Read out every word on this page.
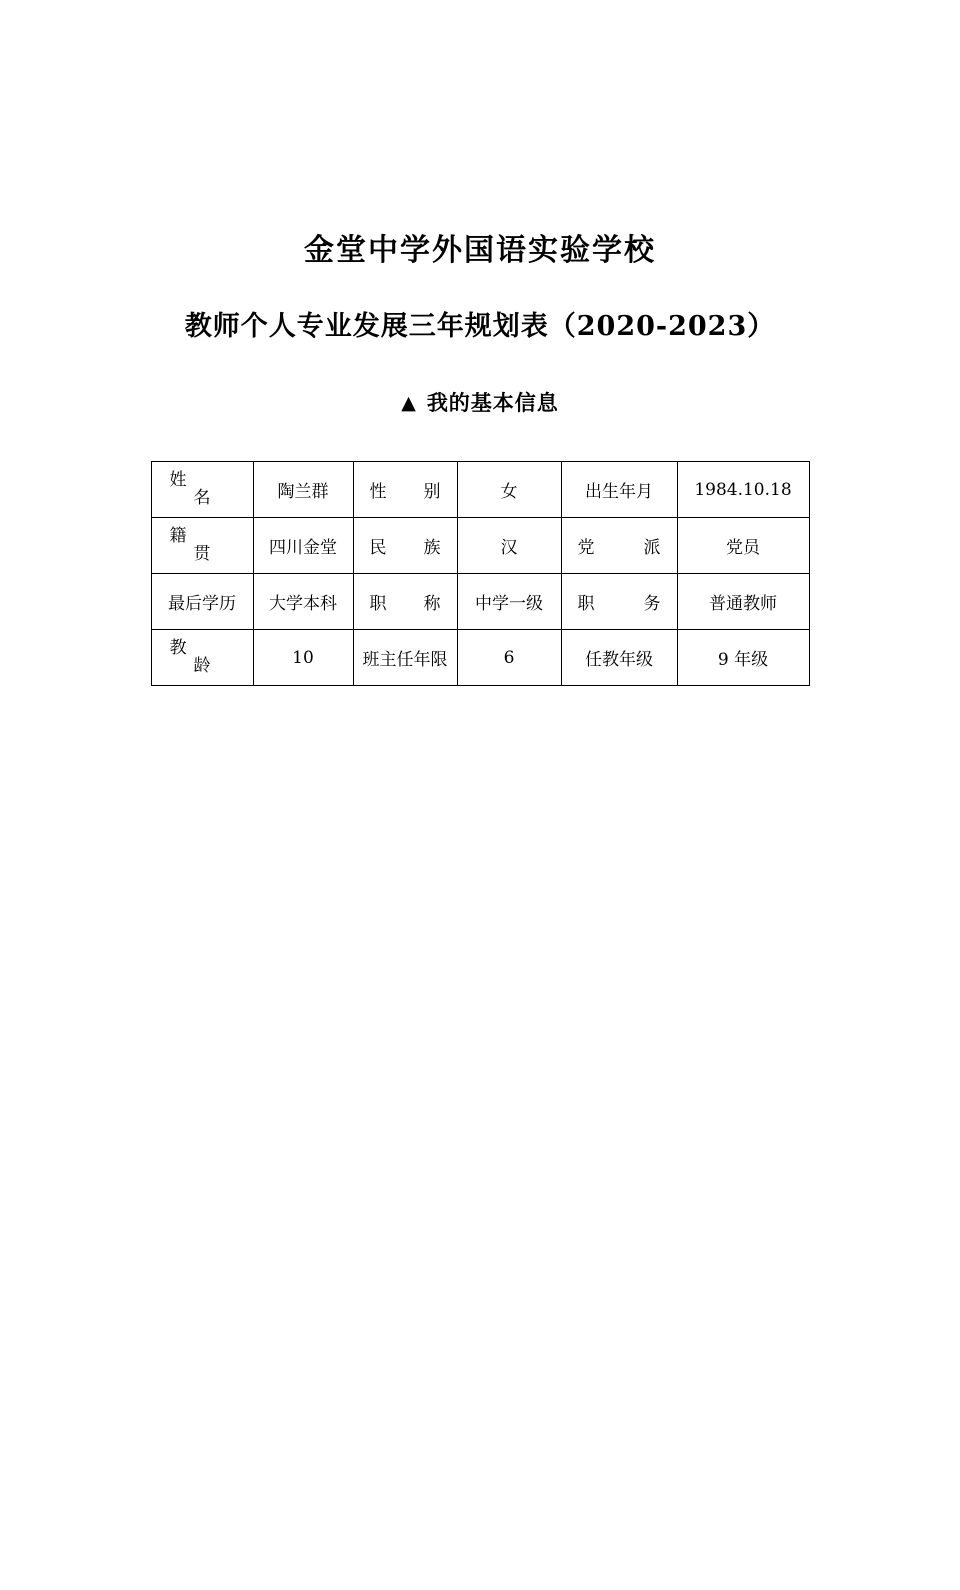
金堂中学外国语实验学校
教师个人专业发展三年规划表（2020-2023）
▲ 我的基本信息
姓
名	陶兰群	性 别	女	出生年月	1984.10.18

籍
贯	四川金堂	民 族	汉	党 派	党员
最后学历	大学本科	职 称	中学一级	职 务	普通教师

教
龄	10	班主任年限	6	任教年级	9 年级
